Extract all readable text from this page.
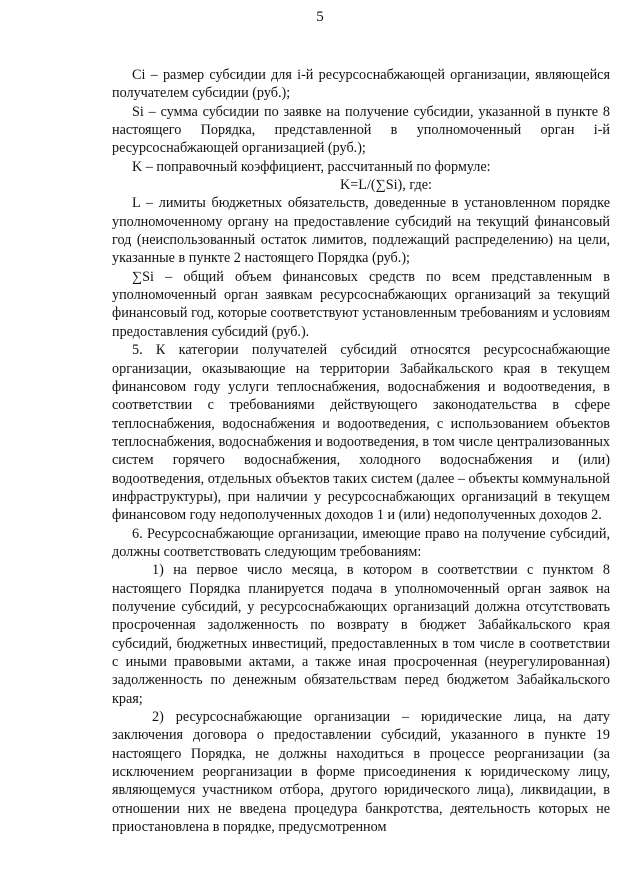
5

Ci – размер субсидии для i-й ресурсоснабжающей организации, являющейся получателем субсидии (руб.);

Si – сумма субсидии по заявке на получение субсидии, указанной в пункте 8 настоящего Порядка, представленной в уполномоченный орган i-й ресурсоснабжающей организацией (руб.);

K – поправочный коэффициент, рассчитанный по формуле:

K=L/(∑Si), где:

L – лимиты бюджетных обязательств, доведенные в установленном порядке уполномоченному органу на предоставление субсидий на текущий финансовый год (неиспользованный остаток лимитов, подлежащий распределению) на цели, указанные в пункте 2 настоящего Порядка (руб.);

∑Si – общий объем финансовых средств по всем представленным в уполномоченный орган заявкам ресурсоснабжающих организаций за текущий финансовый год, которые соответствуют установленным требованиям и условиям предоставления субсидий (руб.).

5. К категории получателей субсидий относятся ресурсоснабжающие организации, оказывающие на территории Забайкальского края в текущем финансовом году услуги теплоснабжения, водоснабжения и водоотведения, в соответствии с требованиями действующего законодательства в сфере теплоснабжения, водоснабжения и водоотведения, с использованием объектов теплоснабжения, водоснабжения и водоотведения, в том числе централизованных систем горячего водоснабжения, холодного водоснабжения и (или) водоотведения, отдельных объектов таких систем (далее – объекты коммунальной инфраструктуры), при наличии у ресурсоснабжающих организаций в текущем финансовом году недополученных доходов 1 и (или) недополученных доходов 2.

6. Ресурсоснабжающие организации, имеющие право на получение субсидий, должны соответствовать следующим требованиям:

1) на первое число месяца, в котором в соответствии с пунктом 8 настоящего Порядка планируется подача в уполномоченный орган заявок на получение субсидий, у ресурсоснабжающих организаций должна отсутствовать просроченная задолженность по возврату в бюджет Забайкальского края субсидий, бюджетных инвестиций, предоставленных в том числе в соответствии с иными правовыми актами, а также иная просроченная (неурегулированная) задолженность по денежным обязательствам перед бюджетом Забайкальского края;

2) ресурсоснабжающие организации – юридические лица, на дату заключения договора о предоставлении субсидий, указанного в пункте 19 настоящего Порядка, не должны находиться в процессе реорганизации (за исключением реорганизации в форме присоединения к юридическому лицу, являющемуся участником отбора, другого юридического лица), ликвидации, в отношении них не введена процедура банкротства, деятельность которых не приостановлена в порядке, предусмотренном
